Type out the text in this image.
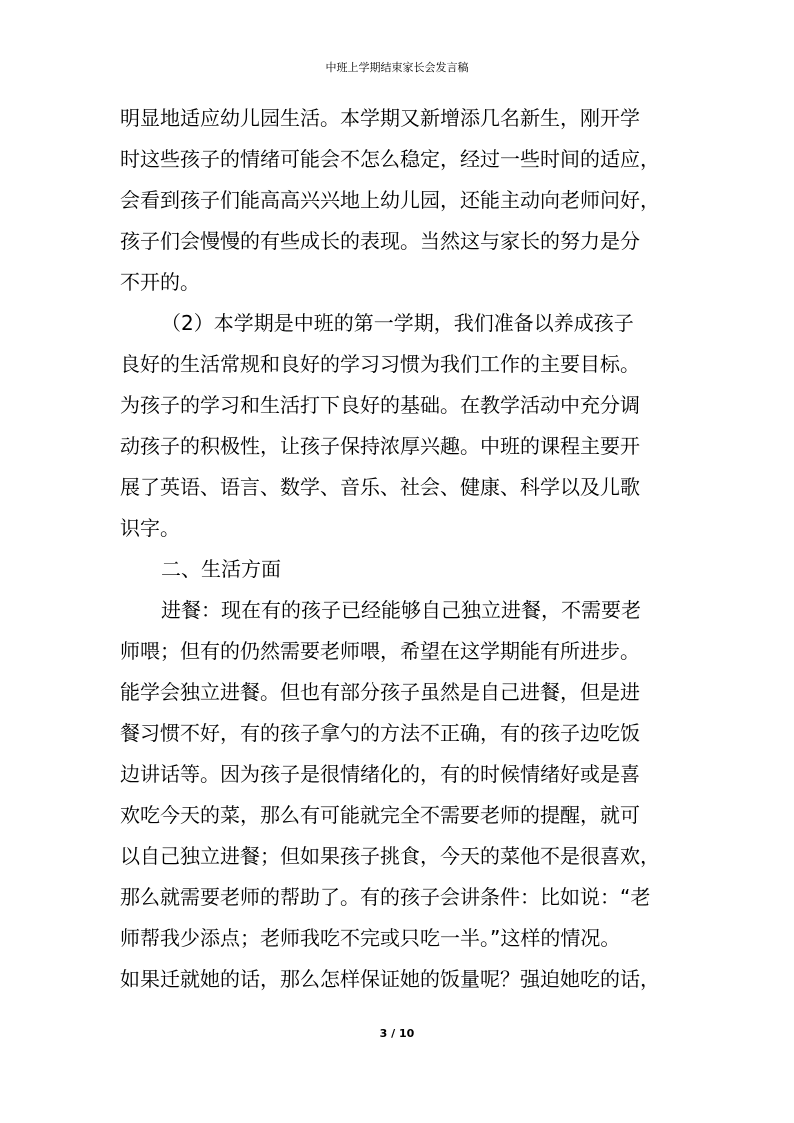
中班上学期结束家长会发言稿
明显地适应幼儿园生活。本学期又新增添几名新生，刚开学
时这些孩子的情绪可能会不怎么稳定，经过一些时间的适应，
会看到孩子们能高高兴兴地上幼儿园，还能主动向老师问好，
孩子们会慢慢的有些成长的表现。当然这与家长的努力是分
不开的。
（2）本学期是中班的第一学期，我们准备以养成孩子
良好的生活常规和良好的学习习惯为我们工作的主要目标。
为孩子的学习和生活打下良好的基础。在教学活动中充分调
动孩子的积极性，让孩子保持浓厚兴趣。中班的课程主要开
展了英语、语言、数学、音乐、社会、健康、科学以及儿歌
识字。
二、生活方面
进餐：现在有的孩子已经能够自己独立进餐，不需要老
师喂；但有的仍然需要老师喂，希望在这学期能有所进步。
能学会独立进餐。但也有部分孩子虽然是自己进餐，但是进
餐习惯不好，有的孩子拿勺的方法不正确，有的孩子边吃饭
边讲话等。因为孩子是很情绪化的，有的时候情绪好或是喜
欢吃今天的菜，那么有可能就完全不需要老师的提醒，就可
以自己独立进餐；但如果孩子挑食，今天的菜他不是很喜欢，
那么就需要老师的帮助了。有的孩子会讲条件：比如说：“老
师帮我少添点；老师我吃不完或只吃一半。”这样的情况。
如果迁就她的话，那么怎样保证她的饭量呢？强迫她吃的话，
3 / 10
